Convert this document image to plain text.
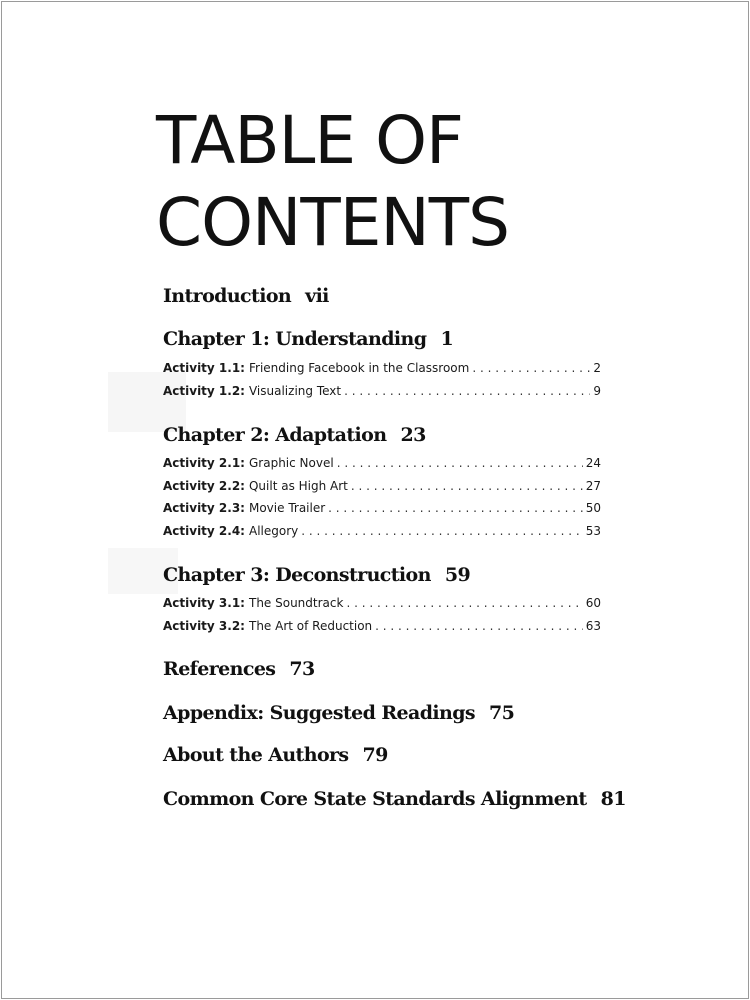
TABLE OF
CONTENTS
Introduction vii
Chapter 1: Understanding 1
Activity 1.1: Friending Facebook in the Classroom . . .	2
Activity 1.2: Visualizing Text . . .	9
Chapter 2: Adaptation 23
Activity 2.1: Graphic Novel . . .	24
Activity 2.2: Quilt as High Art . . .	27
Activity 2.3: Movie Trailer . . .	50
Activity 2.4: Allegory . . .	53
Chapter 3: Deconstruction 59
Activity 3.1: The Soundtrack . . .	60
Activity 3.2: The Art of Reduction . . .	63
References 73
Appendix: Suggested Readings 75
About the Authors 79
Common Core State Standards Alignment 81
